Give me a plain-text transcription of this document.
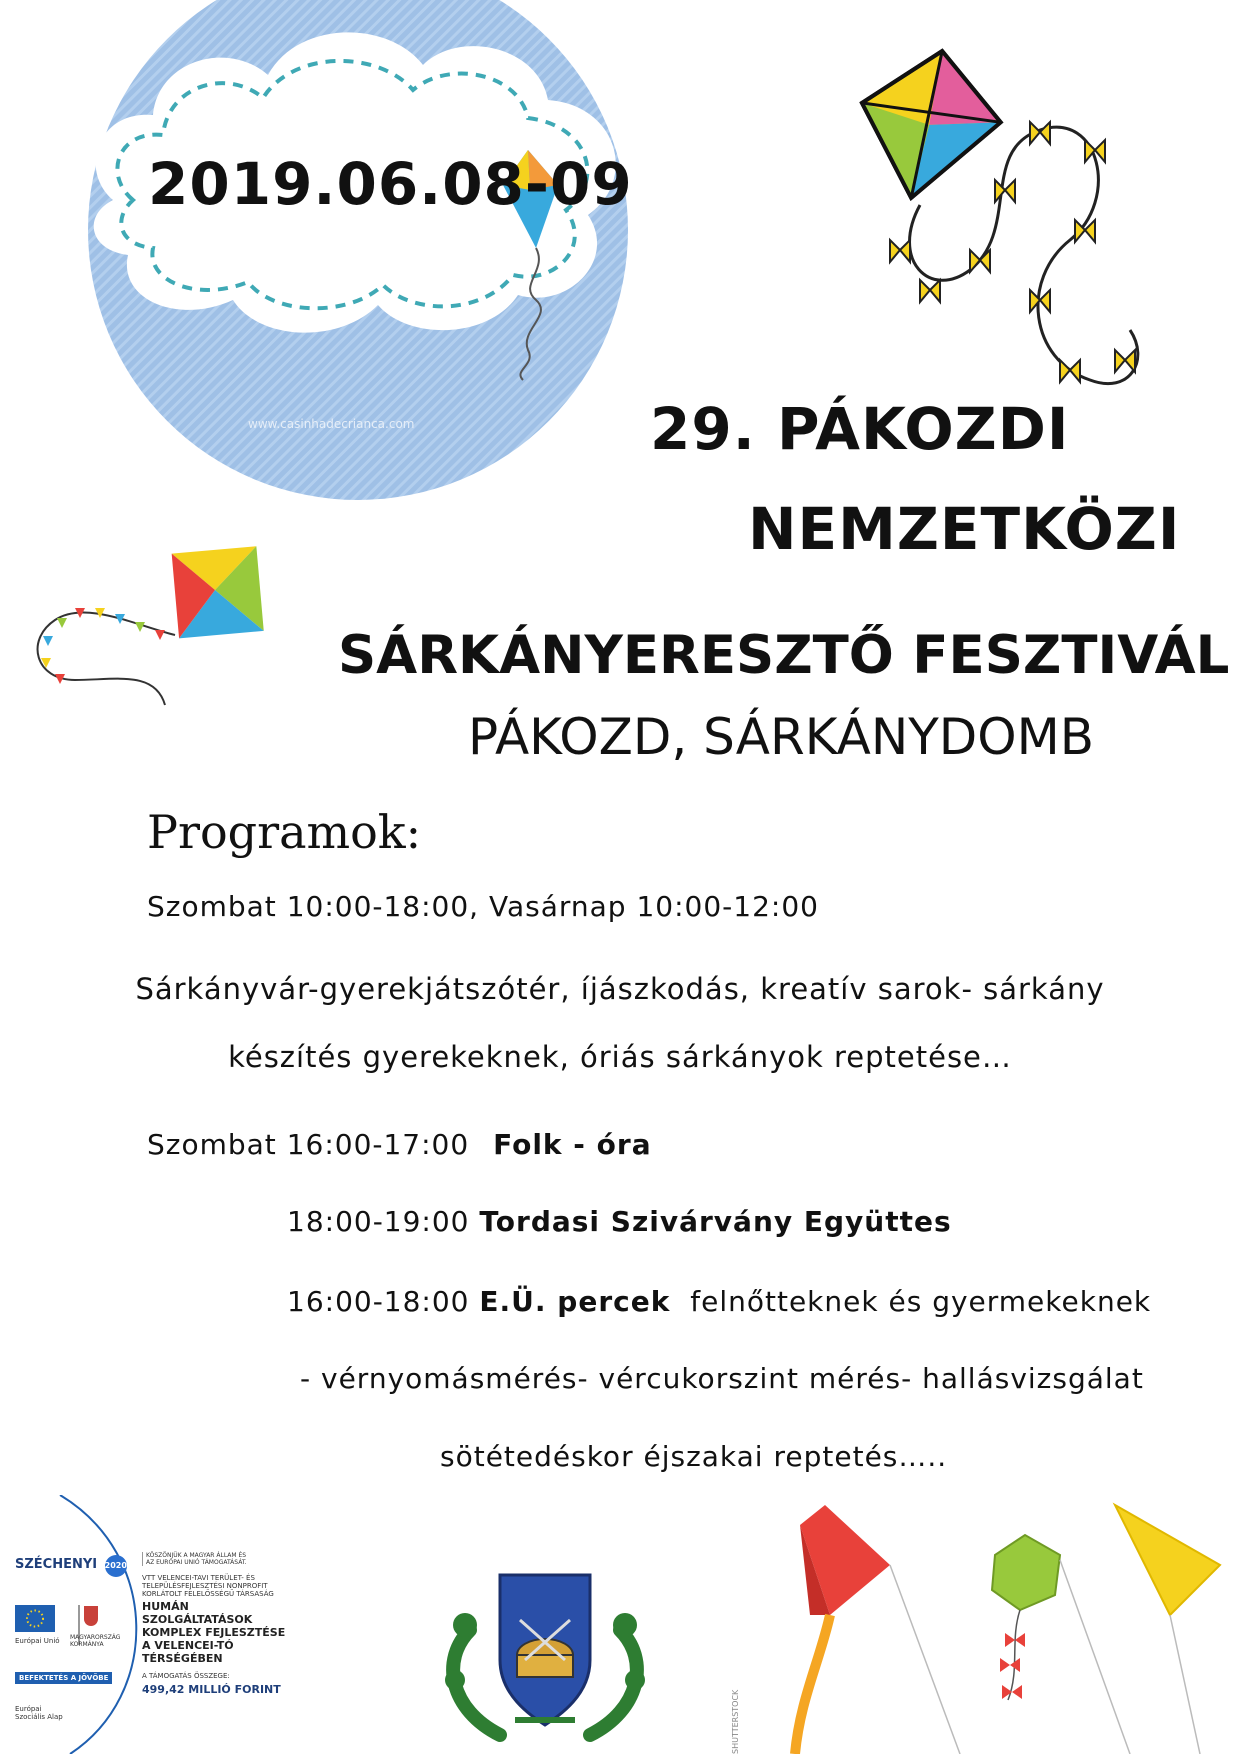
www.casinhadecrianca.com
2019.06.08-09
29. PÁKOZDI
NEMZETKÖZI
SÁRKÁNYERESZTŐ FESZTIVÁL
PÁKOZD, SÁRKÁNYDOMB
Programok:
Szombat 10:00-18:00, Vasárnap 10:00-12:00
Sárkányvár-gyerekjátszótér, íjászkodás, kreatív sarok- sárkány
készítés gyerekeknek, óriás sárkányok reptetése…
Szombat 16:00-17:00 Folk - óra
18:00-19:00 Tordasi Szivárvány Együttes
16:00-18:00 E.Ü. percek felnőtteknek és gyermekeknek
- vérnyomásmérés- vércukorszint mérés- hallásvizsgálat
sötétedéskor éjszakai reptetés…..
SZÉCHENYI 2020
Európai Unió MAGYARORSZÁG KORMÁNYA
BEFEKTETÉS A JÖVŐBE
Európai Szociális Alap
KÖSZÖNJÜK A MAGYAR ÁLLAM ÉS AZ EURÓPAI UNIÓ TÁMOGATÁSÁT.
VTT VELENCEI-TAVI TERÜLET- ÉS TELEPÜLÉSFEJLESZTÉSI NONPROFIT KORLÁTOLT FELELŐSSÉGŰ TÁRSASÁG
HUMÁN SZOLGÁLTATÁSOK
KOMPLEX FEJLESZTÉSE
A VELENCEI-TÓ TÉRSÉGÉBEN
A TÁMOGATÁS ÖSSZEGE:
499,42 MILLIÓ FORINT
SHUTTERSTOCK
